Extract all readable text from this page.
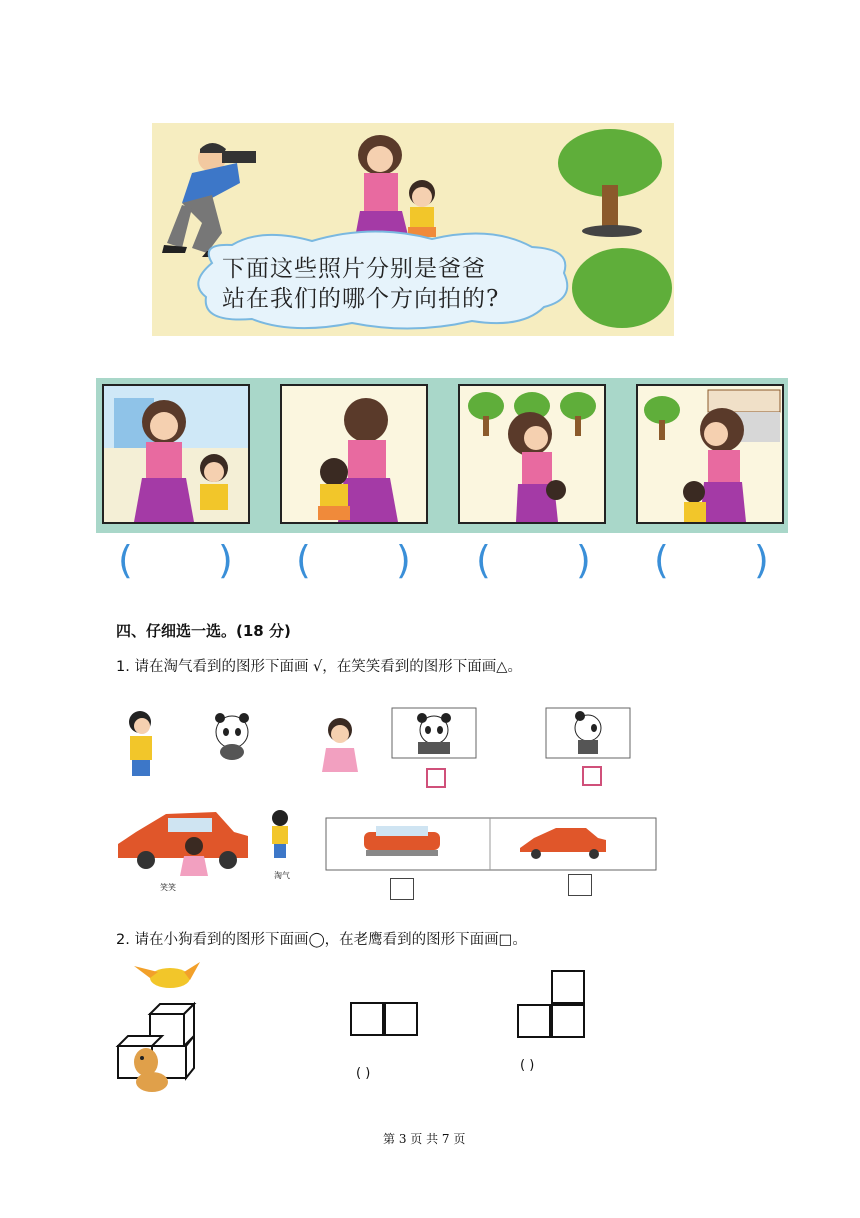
下面这些照片分别是爸爸
站在我们的哪个方向拍的?
( ) ( ) ( ) ( )
四、仔细选一选。(18 分)
1. 请在淘气看到的图形下面画 √，在笑笑看到的图形下面画△。
笑笑
淘气
2. 请在小狗看到的图形下面画◯，在老鹰看到的图形下面画□。
( )
( )
第 3 页 共 7 页
